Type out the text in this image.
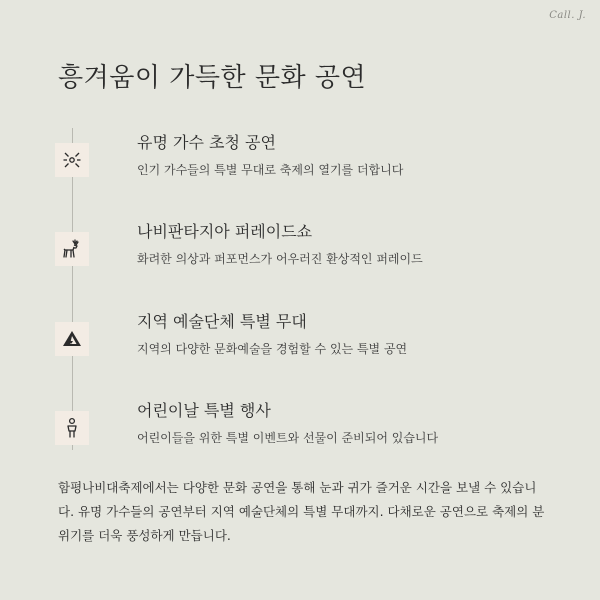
Call. J.
흥겨움이 가득한 문화 공연
유명 가수 초청 공연
인기 가수들의 특별 무대로 축제의 열기를 더합니다
나비판타지아 퍼레이드쇼
화려한 의상과 퍼포먼스가 어우러진 환상적인 퍼레이드
지역 예술단체 특별 무대
지역의 다양한 문화예술을 경험할 수 있는 특별 공연
어린이날 특별 행사
어린이들을 위한 특별 이벤트와 선물이 준비되어 있습니다

함평나비대축제에서는 다양한 문화 공연을 통해 눈과 귀가 즐거운 시간을 보낼 수 있습니다. 유명 가수들의 공연부터 지역 예술단체의 특별 무대까지. 다채로운 공연으로 축제의 분위기를 더욱 풍성하게 만듭니다.
